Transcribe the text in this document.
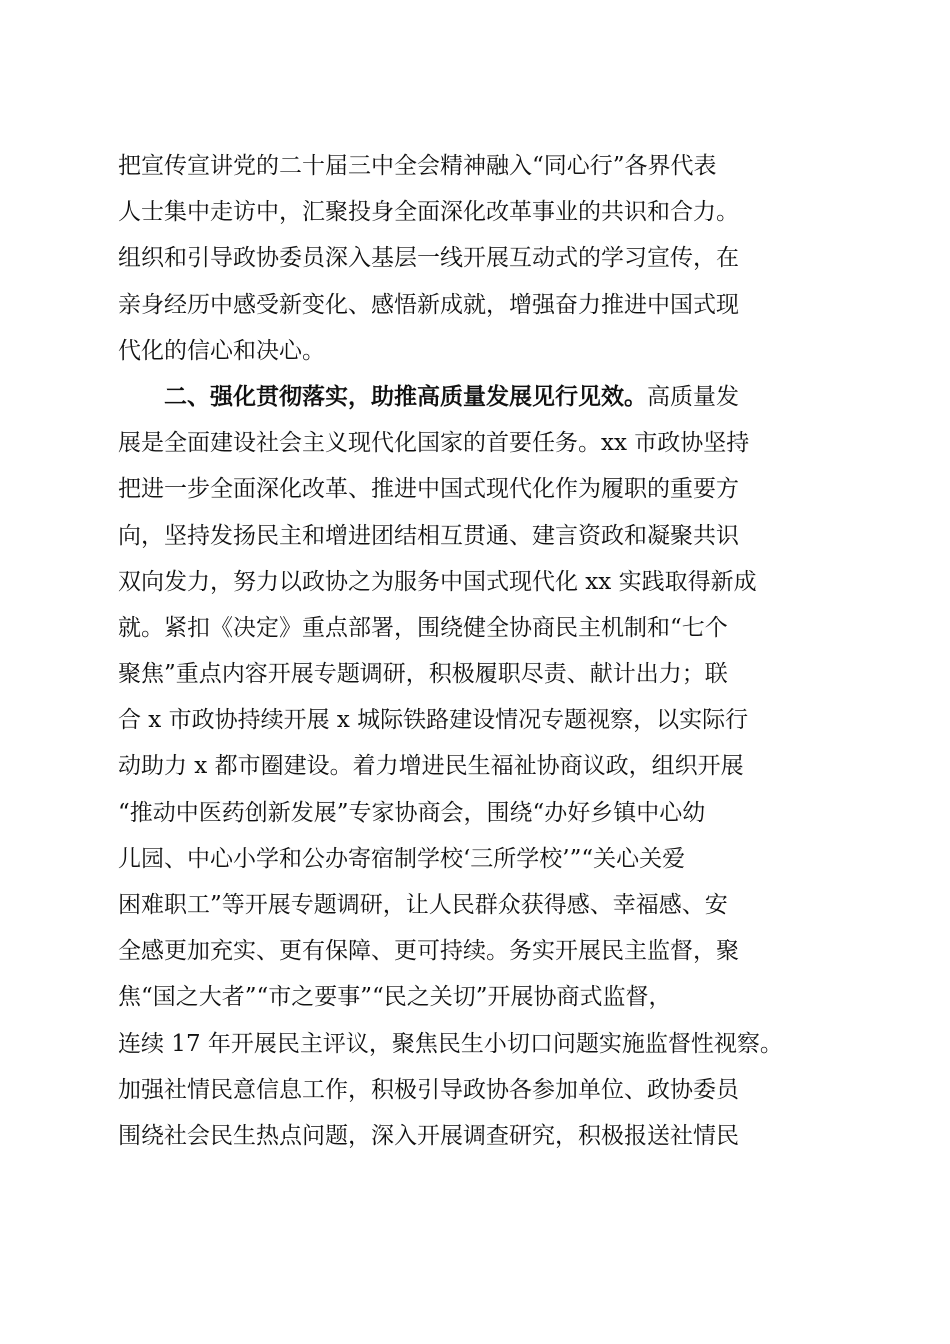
把宣传宣讲党的二十届三中全会精神融入“同心行”各界代表
人士集中走访中，汇聚投身全面深化改革事业的共识和合力。
组织和引导政协委员深入基层一线开展互动式的学习宣传，在
亲身经历中感受新变化、感悟新成就，增强奋力推进中国式现
代化的信心和决心。
二、强化贯彻落实，助推高质量发展见行见效。高质量发
展是全面建设社会主义现代化国家的首要任务。xx 市政协坚持
把进一步全面深化改革、推进中国式现代化作为履职的重要方
向，坚持发扬民主和增进团结相互贯通、建言资政和凝聚共识
双向发力，努力以政协之为服务中国式现代化 xx 实践取得新成
就。紧扣《决定》重点部署，围绕健全协商民主机制和“七个
聚焦”重点内容开展专题调研，积极履职尽责、献计出力；联
合 x 市政协持续开展 x 城际铁路建设情况专题视察，以实际行
动助力 x 都市圈建设。着力增进民生福祉协商议政，组织开展
“推动中医药创新发展”专家协商会，围绕“办好乡镇中心幼
儿园、中心小学和公办寄宿制学校‘三所学校’”“关心关爱
困难职工”等开展专题调研，让人民群众获得感、幸福感、安
全感更加充实、更有保障、更可持续。务实开展民主监督，聚
焦“国之大者”“市之要事”“民之关切”开展协商式监督，
连续 17 年开展民主评议，聚焦民生小切口问题实施监督性视察。
加强社情民意信息工作，积极引导政协各参加单位、政协委员
围绕社会民生热点问题，深入开展调查研究，积极报送社情民
